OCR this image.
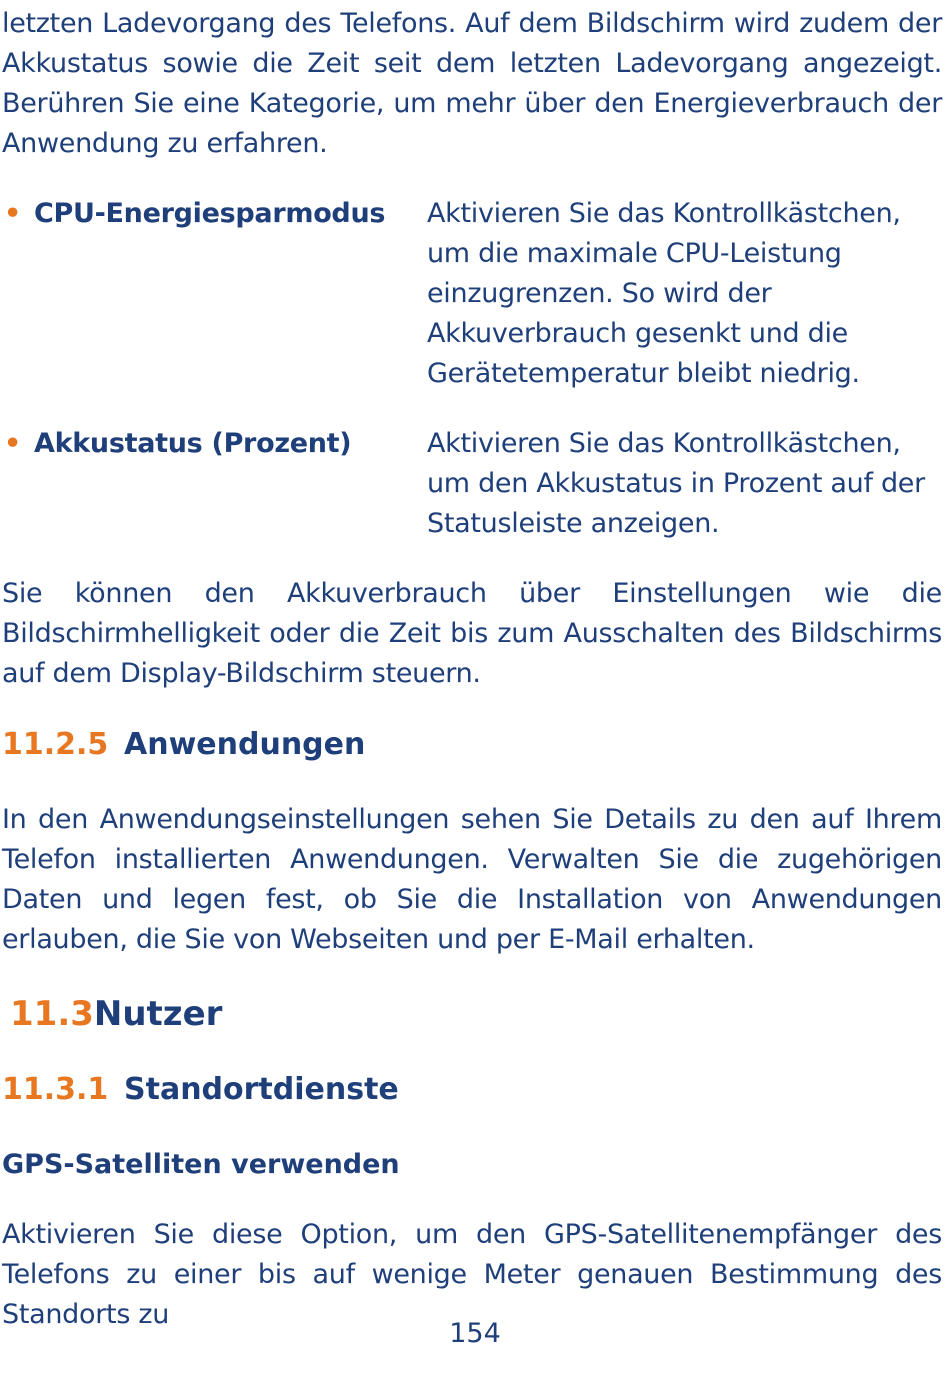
letzten Ladevorgang des Telefons. Auf dem Bildschirm wird zudem der Akkustatus sowie die Zeit seit dem letzten Ladevorgang angezeigt. Berühren Sie eine Kategorie, um mehr über den Energieverbrauch der Anwendung zu erfahren.

• CPU-Energiesparmodus Aktivieren Sie das Kontrollkästchen, um die maximale CPU-Leistung einzugrenzen. So wird der Akkuverbrauch gesenkt und die Gerätetemperatur bleibt niedrig.

• Akkustatus (Prozent)	Aktivieren Sie das Kontrollkästchen, um den Akkustatus in Prozent auf der Statusleiste anzeigen.

Sie können den Akkuverbrauch über Einstellungen wie die Bildschirmhelligkeit oder die Zeit bis zum Ausschalten des Bildschirms auf dem Display-Bildschirm steuern.

11.2.5 Anwendungen

In den Anwendungseinstellungen sehen Sie Details zu den auf Ihrem Telefon installierten Anwendungen. Verwalten Sie die zugehörigen Daten und legen fest, ob Sie die Installation von Anwendungen erlauben, die Sie von Webseiten und per E-Mail erhalten.

11.3Nutzer
11.3.1 Standortdienste
GPS-Satelliten verwenden

Aktivieren Sie diese Option, um den GPS-Satellitenempfänger des Telefons zu einer bis auf wenige Meter genauen Bestimmung des Standorts zu

154
